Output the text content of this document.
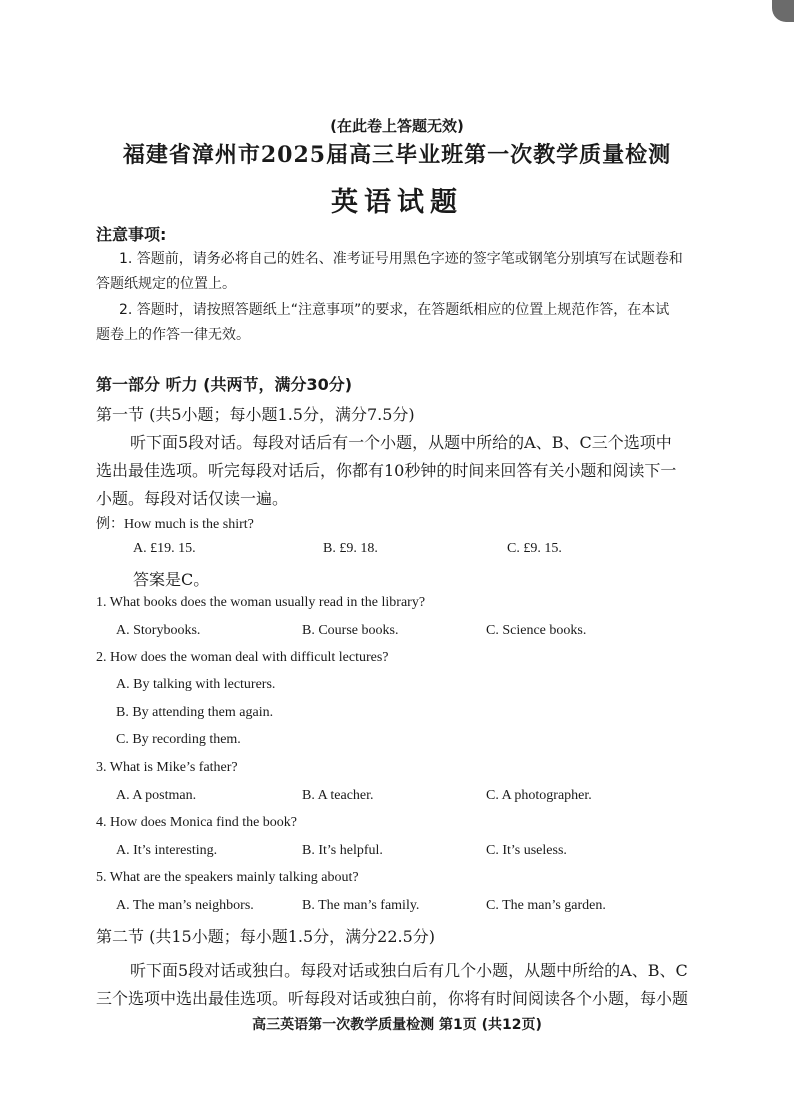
(在此卷上答题无效)
福建省漳州市2025届高三毕业班第一次教学质量检测
英语试题
注意事项:
1. 答题前，请务必将自己的姓名、准考证号用黑色字迹的签字笔或钢笔分别填写在试题卷和
答题纸规定的位置上。
2. 答题时，请按照答题纸上“注意事项”的要求，在答题纸相应的位置上规范作答，在本试
题卷上的作答一律无效。
第一部分 听力 (共两节，满分30分)
第一节 (共5小题；每小题1.5分，满分7.5分)
听下面5段对话。每段对话后有一个小题，从题中所给的A、B、C三个选项中
选出最佳选项。听完每段对话后，你都有10秒钟的时间来回答有关小题和阅读下一
小题。每段对话仅读一遍。
例：How much is the shirt?
A. £19. 15.	B. £9. 18.	C. £9. 15.
答案是C。
1. What books does the woman usually read in the library?
A. Storybooks.	B. Course books.	C. Science books.
2. How does the woman deal with difficult lectures?
A. By talking with lecturers.
B. By attending them again.
C. By recording them.
3. What is Mike’s father?
A. A postman.	B. A teacher.	C. A photographer.
4. How does Monica find the book?
A. It’s interesting.	B. It’s helpful.	C. It’s useless.
5. What are the speakers mainly talking about?
A. The man’s neighbors.	B. The man’s family.	C. The man’s garden.
第二节 (共15小题；每小题1.5分，满分22.5分)
听下面5段对话或独白。每段对话或独白后有几个小题，从题中所给的A、B、C
三个选项中选出最佳选项。听每段对话或独白前，你将有时间阅读各个小题，每小题
高三英语第一次教学质量检测 第1页 (共12页)
